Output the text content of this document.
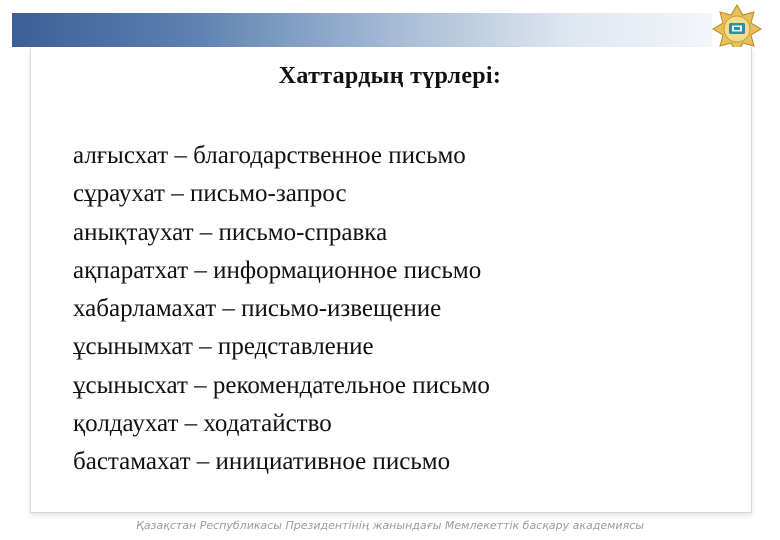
Хаттардың түрлері:
алғысхат – благодарственное письмо
сұраухат – письмо-запрос
анықтаухат – письмо-справка
ақпаратхат – информационное письмо
хабарламахат – письмо-извещение
ұсынымхат – представление
ұсынысхат – рекомендательное письмо
қолдаухат – ходатайство
бастамахат – инициативное письмо
Қазақстан Республикасы Президентінің жанындағы Мемлекеттік басқару академиясы
